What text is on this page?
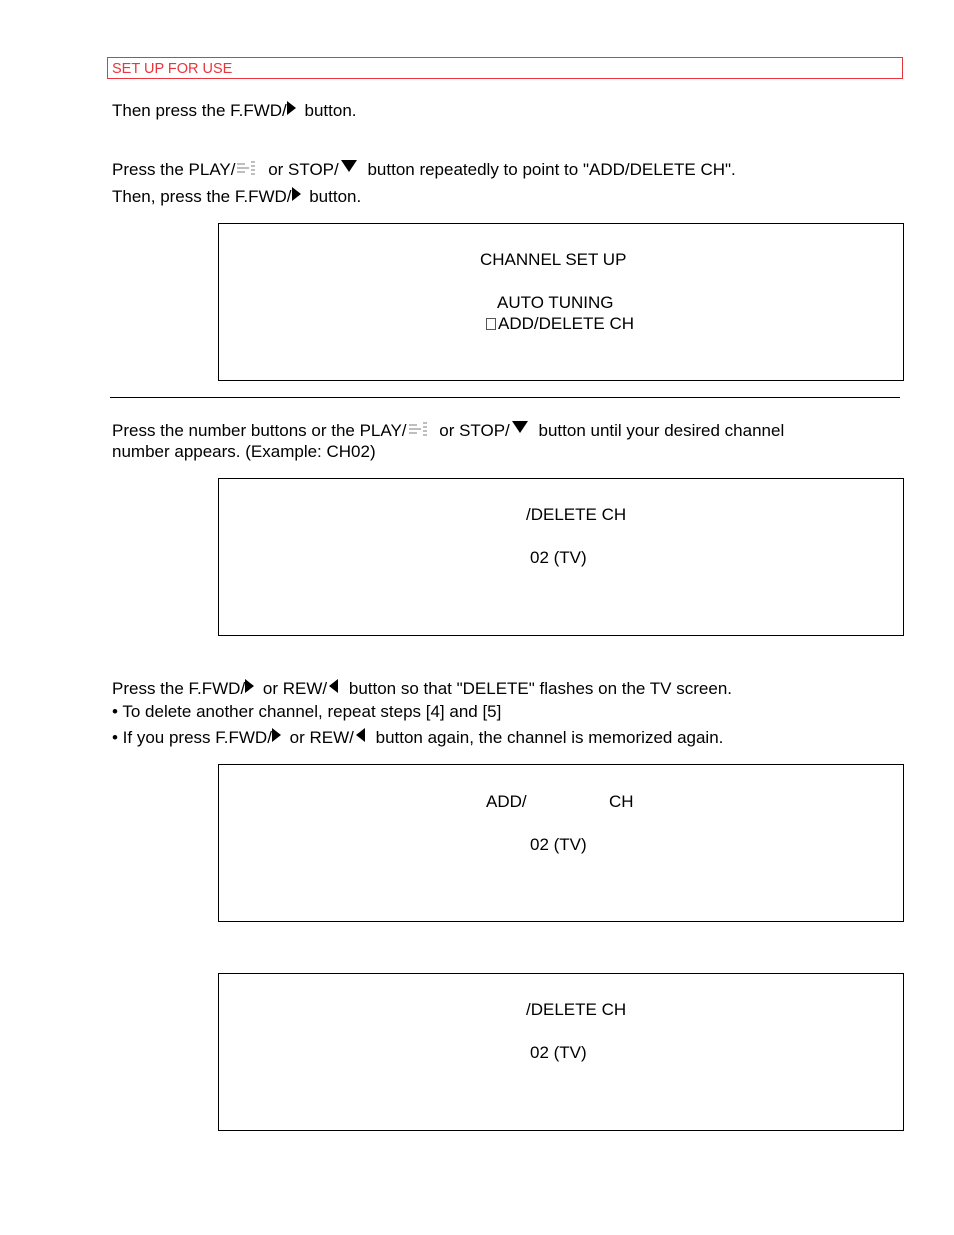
SET UP FOR USE
Then press the F.FWD/ button.
Press the PLAY/ or STOP/ button repeatedly to point to "ADD/DELETE CH".
Then, press the F.FWD/ button.
CHANNEL SET UP
AUTO TUNING
ADD/DELETE CH
Press the number buttons or the PLAY/ or STOP/ button until your desired channel
number appears. (Example: CH02)
/DELETE CH
02 (TV)
Press the F.FWD/ or REW/ button so that "DELETE" flashes on the TV screen.
• To delete another channel, repeat steps [4] and [5]
• If you press F.FWD/ or REW/ button again, the channel is memorized again.
ADD/	CH
02 (TV)
/DELETE CH
02 (TV)
